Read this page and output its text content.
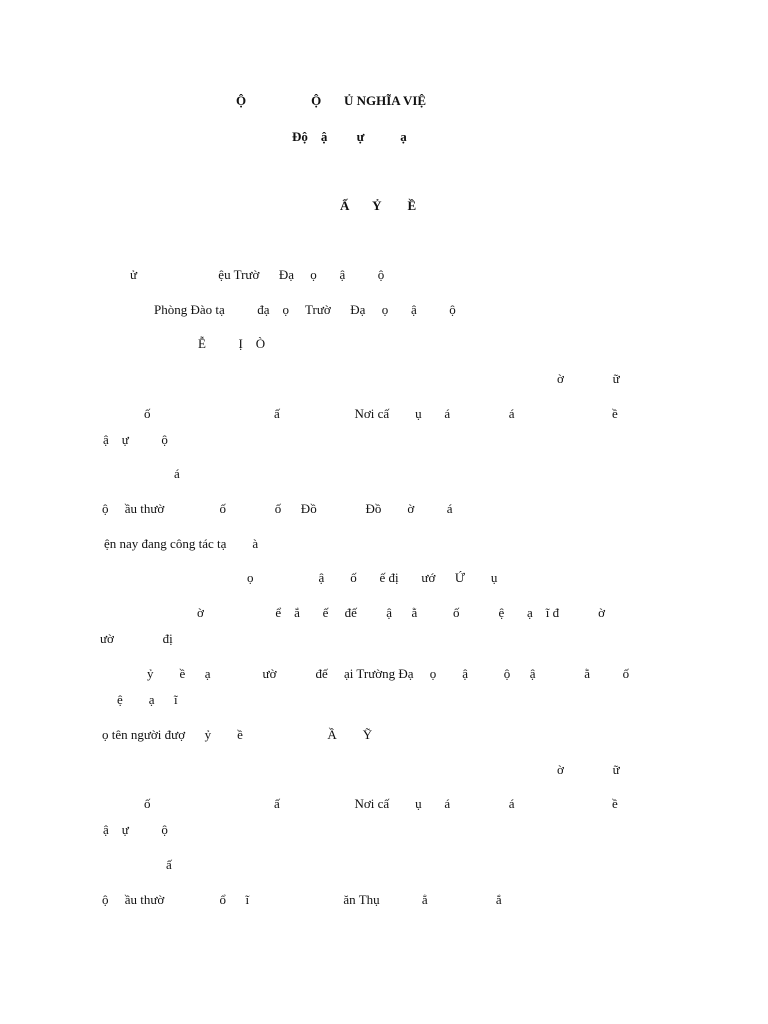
Ộ                    Ộ       Ủ NGHĨA VIỆ
Độ    ậ         ự           ạ
Ấ       Ỷ        Ề
ử                         ệu Trườ      Đạ     ọ       ậ          ộ
Phòng Đào tạ          đạ    ọ     Trườ      Đạ     ọ       ậ          ộ
Ễ          Ị    Ò
ờ               ữ
ố                                      ấ                       Nơi cấ        ụ       á                  á                              ề
ậ    ự          ộ
á
ộ     ầu thườ                 ố               ố      Đồ               Đồ        ờ          á
ện nay đang công tác tạ        à
ọ                    ậ        ố       ế đị       ướ      Ứ        ụ
ờ                      ể    ắ       ế     đế         ậ      ằ           ố            ệ       ạ    ĩ đ            ờ
ườ               đị
ỷ        ề      ạ                ườ            đế     ại Trường Đạ     ọ        ậ           ộ      ậ               ằ          ố
ệ        ạ      ĩ
ọ tên người đượ      ỷ        ề                          Ầ        Ỹ
ờ               ữ
ố                                      ấ                       Nơi cấ        ụ       á                  á                              ề
ậ    ự          ộ
ấ
ộ     ầu thườ                 ổ      ĩ                             ăn Thụ             ẳ                     ắ
